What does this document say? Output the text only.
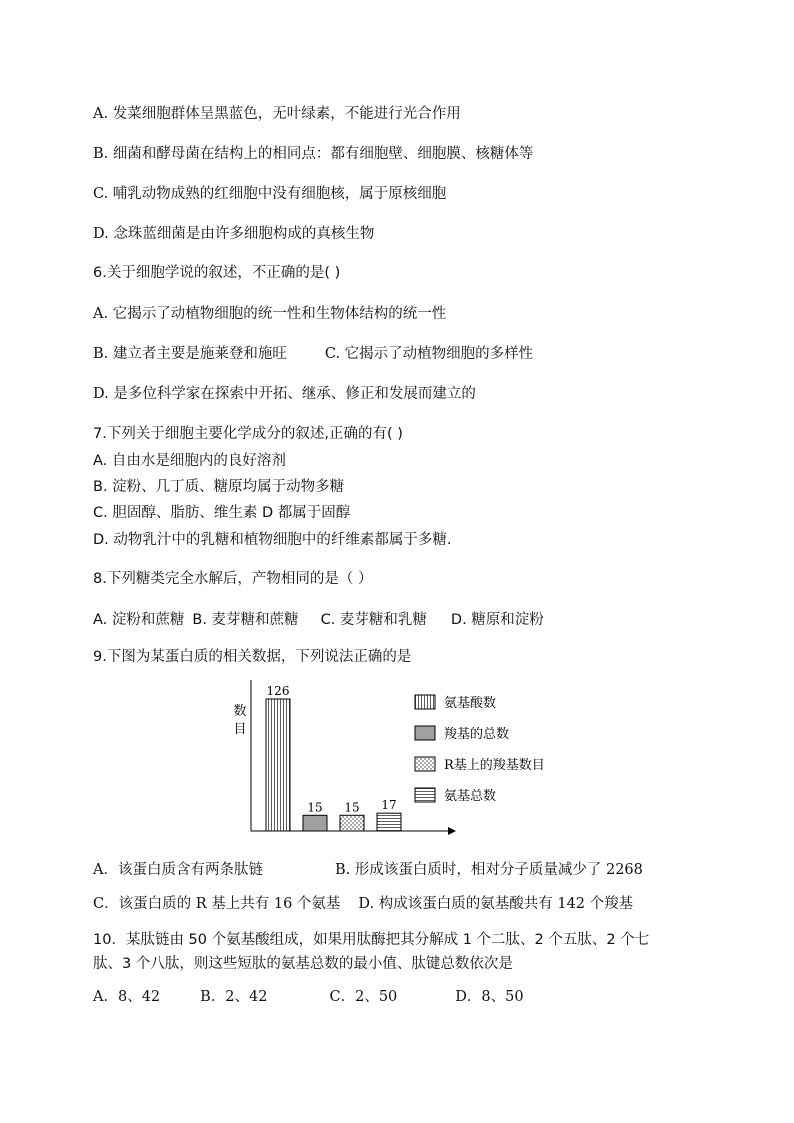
A. 发菜细胞群体呈黑蓝色，无叶绿素，不能进行光合作用
B. 细菌和酵母菌在结构上的相同点：都有细胞壁、细胞膜、核糖体等
C. 哺乳动物成熟的红细胞中没有细胞核，属于原核细胞
D. 念珠蓝细菌是由许多细胞构成的真核生物
6.关于细胞学说的叙述，不正确的是( )
A. 它揭示了动植物细胞的统一性和生物体结构的统一性
B. 建立者主要是施莱登和施旺	C. 它揭示了动植物细胞的多样性
D. 是多位科学家在探索中开拓、继承、修正和发展而建立的
7.下列关于细胞主要化学成分的叙述,正确的有( )
A. 自由水是细胞内的良好溶剂
B. 淀粉、几丁质、糖原均属于动物多糖
C. 胆固醇、脂肪、维生素 D 都属于固醇
D. 动物乳汁中的乳糖和植物细胞中的纤维素都属于多糖.
8.下列糖类完全水解后，产物相同的是（ ）
A. 淀粉和蔗糖 B. 麦芽糖和蔗糖 C. 麦芽糖和乳糖 D. 糖原和淀粉
9.下图为某蛋白质的相关数据，下列说法正确的是
数
目
126
15 15 17
氨基酸数
羧基的总数
R基上的羧基数目
氨基总数
A．该蛋白质含有两条肽链	B. 形成该蛋白质时，相对分子质量减少了 2268
C．该蛋白质的 R 基上共有 16 个氨基 D. 构成该蛋白质的氨基酸共有 142 个羧基
10．某肽链由 50 个氨基酸组成，如果用肽酶把其分解成 1 个二肽、2 个五肽、2 个七
肽、3 个八肽，则这些短肽的氨基总数的最小值、肽键总数依次是
A．8、42	B．2、42	C．2、50	D．8、50
